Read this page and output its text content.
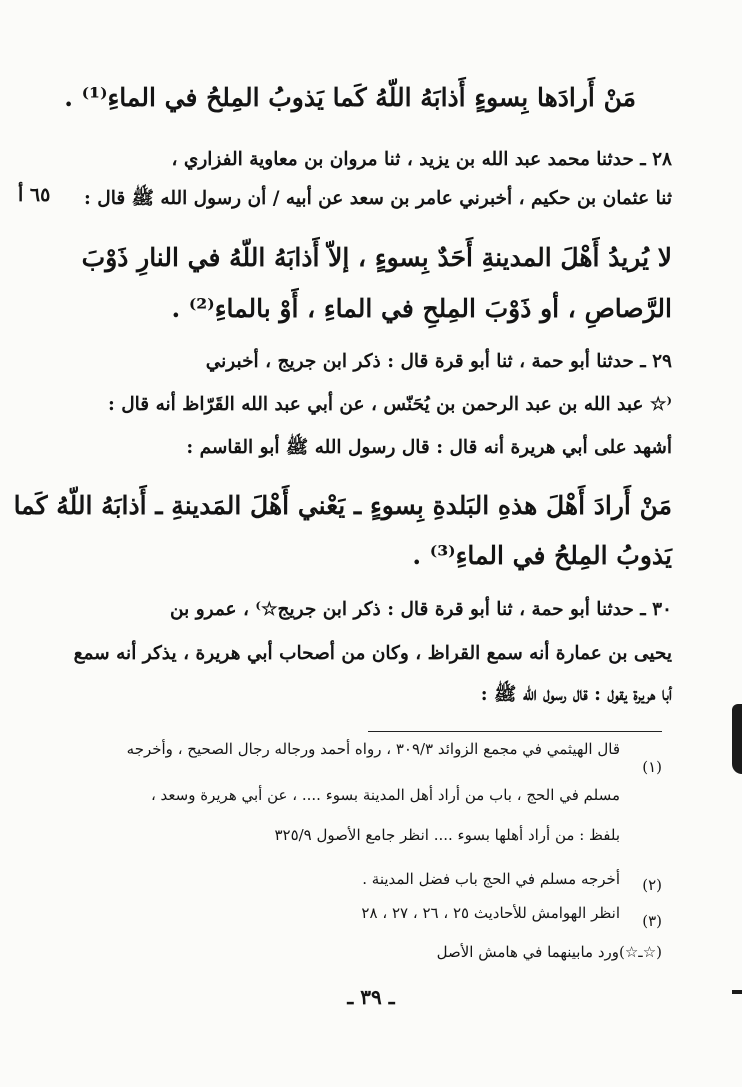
مَنْ أَرادَها بِسوءٍ أَذابَهُ اللّهُ كَما يَذوبُ المِلحُ في الماءِ⁽¹⁾ .
٢٨ ـ حدثنا محمد عبد الله بن يزيد ، ثنا مروان بن معاوية الفزاري ،
ثنا عثمان بن حكيم ، أخبرني عامر بن سعد عن أبيه / أن رسول الله ﷺ قال :
٦٥ أ
لا يُريدُ أَهْلَ المدينةِ أَحَدٌ بِسوءٍ ، إلاّ أَذابَهُ اللّهُ في النارِ ذَوْبَ
الرَّصاصِ ، أو ذَوْبَ المِلحِ في الماءِ ، أَوْ بالماءِ⁽²⁾ .
٢٩ ـ حدثنا أبو حمة ، ثنا أبو قرة قال : ذكر ابن جريج ، أخبرني
⁽☆ عبد الله بن عبد الرحمن بن يُحَنّس ، عن أبي عبد الله القَرّاظ أنه قال :
أشهد على أبي هريرة أنه قال : قال رسول الله ﷺ أبو القاسم :
مَنْ أَرادَ أَهْلَ هذهِ البَلدةِ بِسوءٍ ـ يَعْني أَهْلَ المَدينةِ ـ أَذابَهُ اللّهُ كَما
يَذوبُ المِلحُ في الماءِ⁽³⁾ .
٣٠ ـ حدثنا أبو حمة ، ثنا أبو قرة قال : ذكر ابن جريج☆⁾ ، عمرو بن
يحيى بن عمارة أنه سمع القراظ ، وكان من أصحاب أبي هريرة ، يذكر أنه سمع
أبا هريرة يقول : قال رسول الله ﷺ :
(١)
قال الهيثمي في مجمع الزوائد ٣٠٩/٣ ، رواه أحمد ورجاله رجال الصحيح ، وأخرجه
مسلم في الحج ، باب من أراد أهل المدينة بسوء .... ، عن أبي هريرة وسعد ،
بلفظ : من أراد أهلها بسوء .... انظر جامع الأصول ٣٢٥/٩
(٢)
أخرجه مسلم في الحج باب فضل المدينة .
(٣)
انظر الهوامش للأحاديث ٢٥ ، ٢٦ ، ٢٧ ، ٢٨
(☆ـ☆)ورد مابينهما في هامش الأصل
ـ ٣٩ ـ
